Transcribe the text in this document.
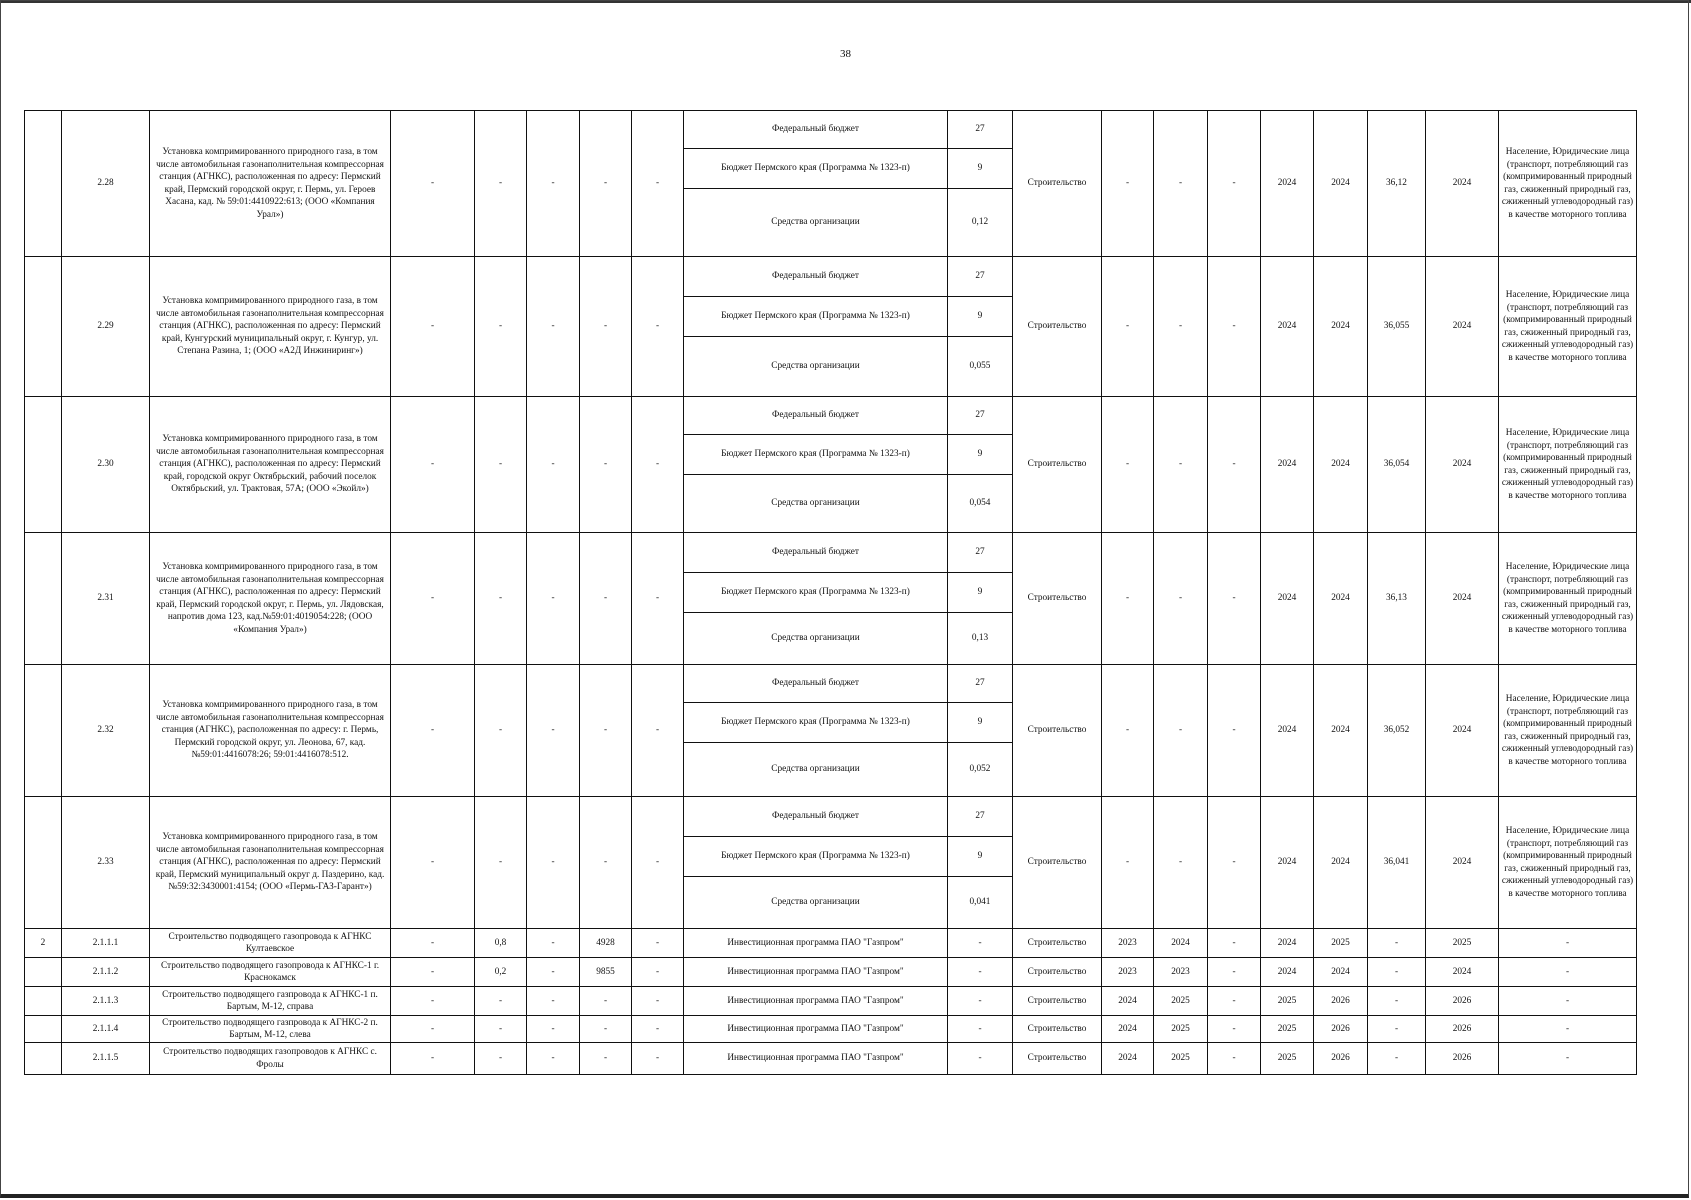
38
	2.28	Установка компримированного природного газа, в том числе автомобильная газонаполнительная компрессорная станция (АГНКС), расположенная по адресу: Пермский край, Пермский городской округ, г. Пермь, ул. Героев Хасана, кад. № 59:01:4410922:613; (ООО «Компания Урал»)	-	-	-	-	-	Федеральный бюджет	27	Строительство	-	-	-	2024	2024	36,12	2024	Население, Юридические лица (транспорт, потребляющий газ (компримированный природный газ, сжиженный природный газ, сжиженный углеводородный газ) в качестве моторного топлива
								Бюджет Пермского края (Программа № 1323-п)	9									
								Средства организации	0,12									
	2.29	Установка компримированного природного газа, в том числе автомобильная газонаполнительная компрессорная станция (АГНКС), расположенная по адресу: Пермский край, Кунгурский муниципальный округ, г. Кунгур, ул. Степана Разина, 1; (ООО «А2Д Инжиниринг»)	-	-	-	-	-	Федеральный бюджет	27	Строительство	-	-	-	2024	2024	36,055	2024	Население, Юридические лица (транспорт, потребляющий газ (компримированный природный газ, сжиженный природный газ, сжиженный углеводородный газ) в качестве моторного топлива
								Бюджет Пермского края (Программа № 1323-п)	9									
								Средства организации	0,055									
	2.30	Установка компримированного природного газа, в том числе автомобильная газонаполнительная компрессорная станция (АГНКС), расположенная по адресу: Пермский край, городской округ Октябрьский, рабочий поселок Октябрьский, ул. Трактовая, 57А; (ООО «Экойл»)	-	-	-	-	-	Федеральный бюджет	27	Строительство	-	-	-	2024	2024	36,054	2024	Население, Юридические лица (транспорт, потребляющий газ (компримированный природный газ, сжиженный природный газ, сжиженный углеводородный газ) в качестве моторного топлива
								Бюджет Пермского края (Программа № 1323-п)	9									
								Средства организации	0,054									
	2.31	Установка компримированного природного газа, в том числе автомобильная газонаполнительная компрессорная станция (АГНКС), расположенная по адресу: Пермский край, Пермский городской округ, г. Пермь, ул. Лядовская, напротив дома 123, кад.№59:01:4019054:228; (ООО «Компания Урал»)	-	-	-	-	-	Федеральный бюджет	27	Строительство	-	-	-	2024	2024	36,13	2024	Население, Юридические лица (транспорт, потребляющий газ (компримированный природный газ, сжиженный природный газ, сжиженный углеводородный газ) в качестве моторного топлива
								Бюджет Пермского края (Программа № 1323-п)	9									
								Средства организации	0,13									
	2.32	Установка компримированного природного газа, в том числе автомобильная газонаполнительная компрессорная станция (АГНКС), расположенная по адресу: г. Пермь, Пермский городской округ, ул. Леонова, 67, кад. №59:01:4416078:26; 59:01:4416078:512.	-	-	-	-	-	Федеральный бюджет	27	Строительство	-	-	-	2024	2024	36,052	2024	Население, Юридические лица (транспорт, потребляющий газ (компримированный природный газ, сжиженный природный газ, сжиженный углеводородный газ) в качестве моторного топлива
								Бюджет Пермского края (Программа № 1323-п)	9									
								Средства организации	0,052									
	2.33	Установка компримированного природного газа, в том числе автомобильная газонаполнительная компрессорная станция (АГНКС), расположенная по адресу: Пермский край, Пермский муниципальный округ д. Паздерино, кад. №59:32:3430001:4154; (ООО «Пермь-ГАЗ-Гарант»)	-	-	-	-	-	Федеральный бюджет	27	Строительство	-	-	-	2024	2024	36,041	2024	Население, Юридические лица (транспорт, потребляющий газ (компримированный природный газ, сжиженный природный газ, сжиженный углеводородный газ) в качестве моторного топлива
								Бюджет Пермского края (Программа № 1323-п)	9									
								Средства организации	0,041									
2	2.1.1.1	Строительство подводящего газопровода к АГНКС Култаевское	-	0,8	-	4928	-	Инвестиционная программа ПАО "Газпром"	-	Строительство	2023	2024	-	2024	2025	-	2025	-
	2.1.1.2	Строительство подводящего газопровода к АГНКС-1 г. Краснокамск	-	0,2	-	9855	-	Инвестиционная программа ПАО "Газпром"	-	Строительство	2023	2023	-	2024	2024	-	2024	-
	2.1.1.3	Строительство подводящего газпровода к АГНКС-1 п. Бартым, М-12, справа	-	-	-	-	-	Инвестиционная программа ПАО "Газпром"	-	Строительство	2024	2025	-	2025	2026	-	2026	-
	2.1.1.4	Строительство подводящего газпровода к АГНКС-2 п. Бартым, М-12, слева	-	-	-	-	-	Инвестиционная программа ПАО "Газпром"	-	Строительство	2024	2025	-	2025	2026	-	2026	-
	2.1.1.5	Строительство подводящих газопроводов к АГНКС с. Фролы	-	-	-	-	-	Инвестиционная программа ПАО "Газпром"	-	Строительство	2024	2025	-	2025	2026	-	2026	-
